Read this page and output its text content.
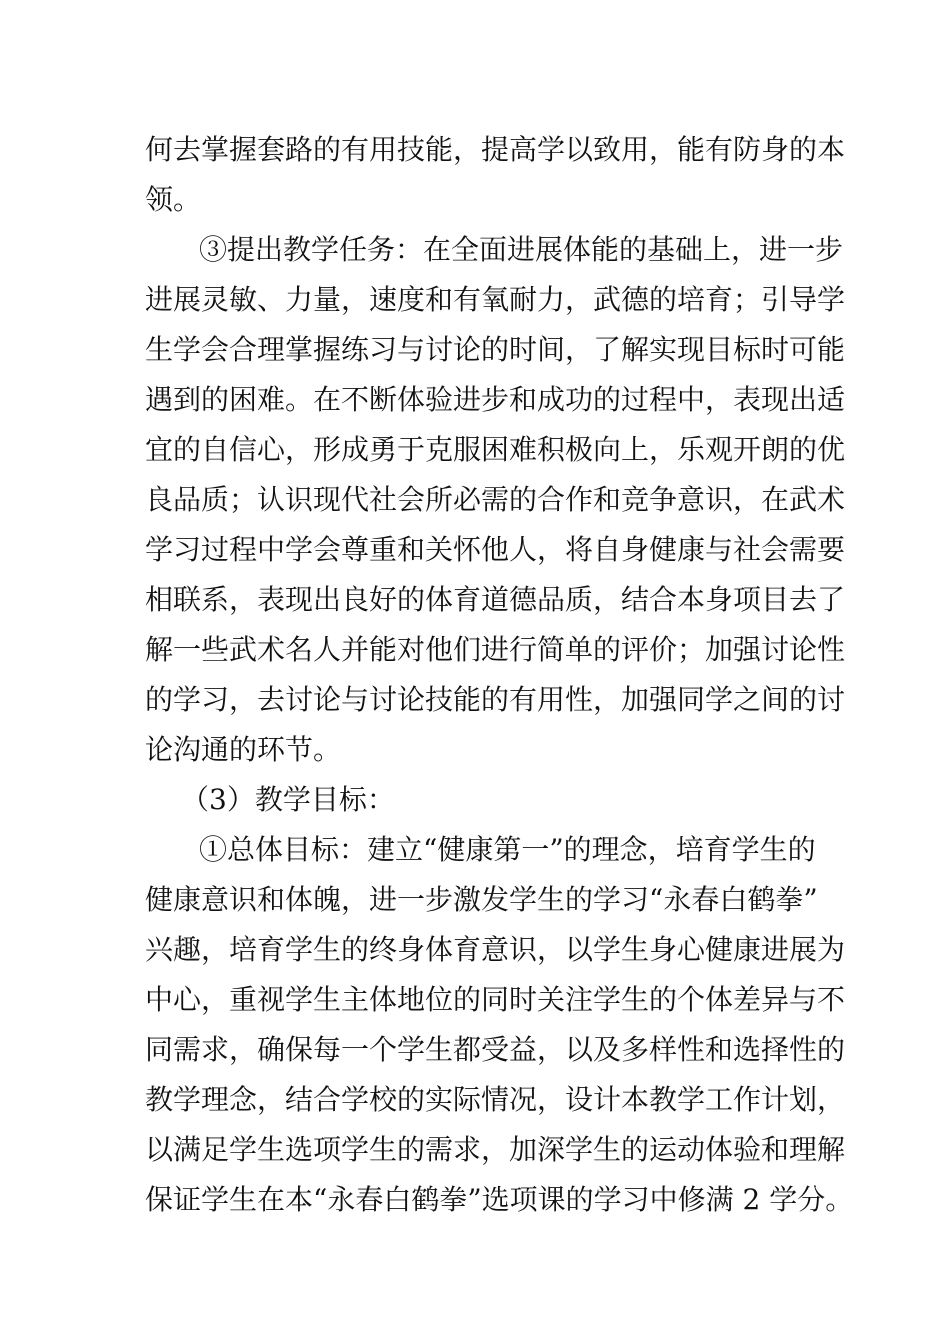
何去掌握套路的有用技能，提高学以致用，能有防身的本
领。
③提出教学任务：在全面进展体能的基础上，进一步
进展灵敏、力量，速度和有氧耐力，武德的培育；引导学
生学会合理掌握练习与讨论的时间，了解实现目标时可能
遇到的困难。在不断体验进步和成功的过程中，表现出适
宜的自信心，形成勇于克服困难积极向上，乐观开朗的优
良品质；认识现代社会所必需的合作和竞争意识，在武术
学习过程中学会尊重和关怀他人，将自身健康与社会需要
相联系，表现出良好的体育道德品质，结合本身项目去了
解一些武术名人并能对他们进行简单的评价；加强讨论性
的学习，去讨论与讨论技能的有用性，加强同学之间的讨
论沟通的环节。
（3）教学目标：
①总体目标：建立“健康第一”的理念，培育学生的
健康意识和体魄，进一步激发学生的学习“永春白鹤拳”
兴趣，培育学生的终身体育意识，以学生身心健康进展为
中心，重视学生主体地位的同时关注学生的个体差异与不
同需求，确保每一个学生都受益，以及多样性和选择性的
教学理念，结合学校的实际情况，设计本教学工作计划，
以满足学生选项学生的需求，加深学生的运动体验和理解
保证学生在本“永春白鹤拳”选项课的学习中修满 2 学分。
